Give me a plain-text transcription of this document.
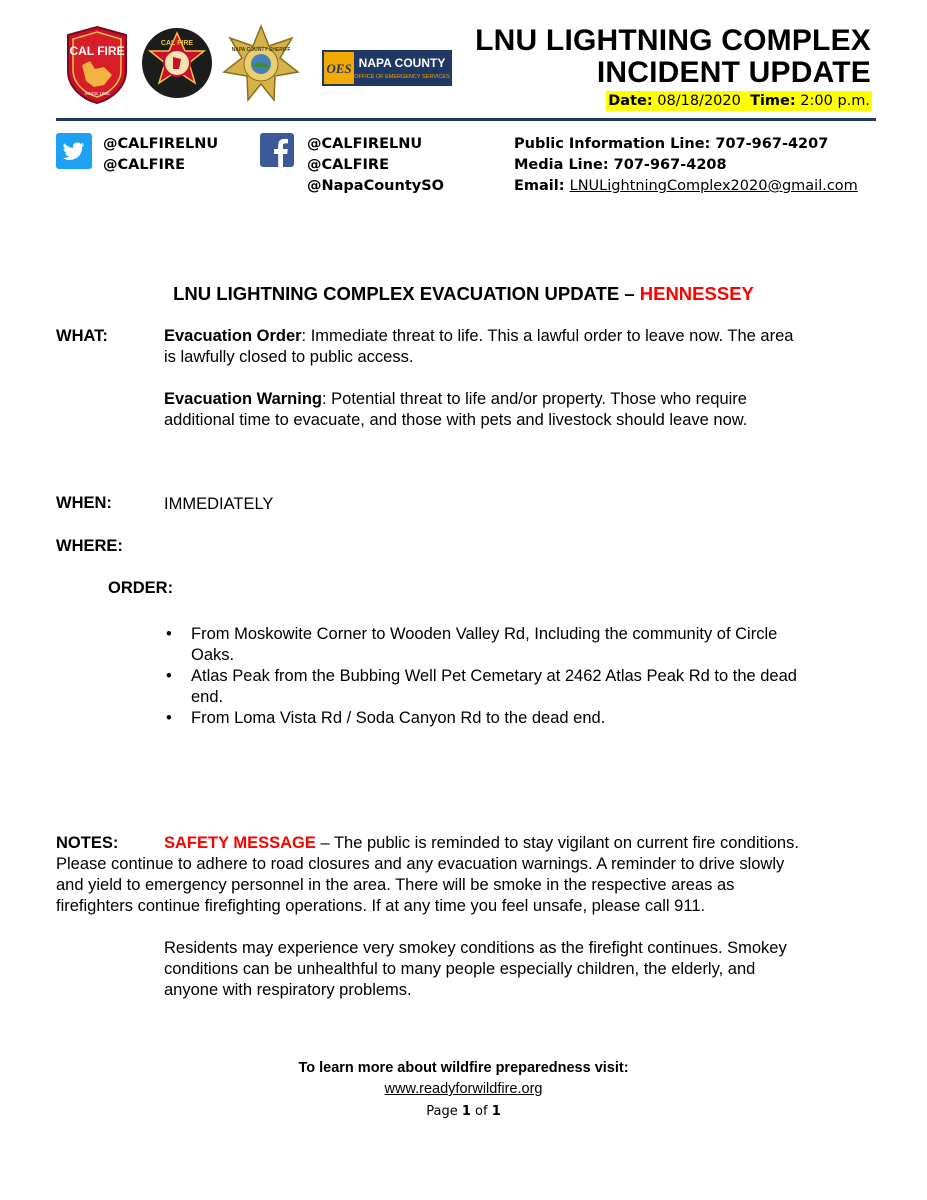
CAL FIRE
SINCE 1885
CAL FIRE
NAPA COUNTY SHERIFF
OES NAPA COUNTY
OFFICE OF EMERGENCY SERVICES
LNU LIGHTNING COMPLEX
INCIDENT UPDATE
Date: 08/18/2020 Time: 2:00 p.m.
@CALFIRELNU
@CALFIRE
@CALFIRELNU
@CALFIRE
@NapaCountySO
Public Information Line: 707-967-4207
Media Line: 707-967-4208
Email: LNULightningComplex2020@gmail.com
LNU LIGHTNING COMPLEX EVACUATION UPDATE – HENNESSEY
WHAT:	Evacuation Order: Immediate threat to life. This a lawful order to leave now. The area
is lawfully closed to public access.
Evacuation Warning: Potential threat to life and/or property. Those who require
additional time to evacuate, and those with pets and livestock should leave now.
WHEN:	IMMEDIATELY
WHERE:
ORDER:
• From Moskowite Corner to Wooden Valley Rd, Including the community of Circle
Oaks.
• Atlas Peak from the Bubbing Well Pet Cemetary at 2462 Atlas Peak Rd to the dead
end.
• From Loma Vista Rd / Soda Canyon Rd to the dead end.
NOTES:	SAFETY MESSAGE – The public is reminded to stay vigilant on current fire conditions.
Please continue to adhere to road closures and any evacuation warnings. A reminder to drive slowly
and yield to emergency personnel in the area. There will be smoke in the respective areas as
firefighters continue firefighting operations. If at any time you feel unsafe, please call 911.
Residents may experience very smokey conditions as the firefight continues. Smokey
conditions can be unhealthful to many people especially children, the elderly, and
anyone with respiratory problems.
To learn more about wildfire preparedness visit:
www.readyforwildfire.org
Page 1 of 1
